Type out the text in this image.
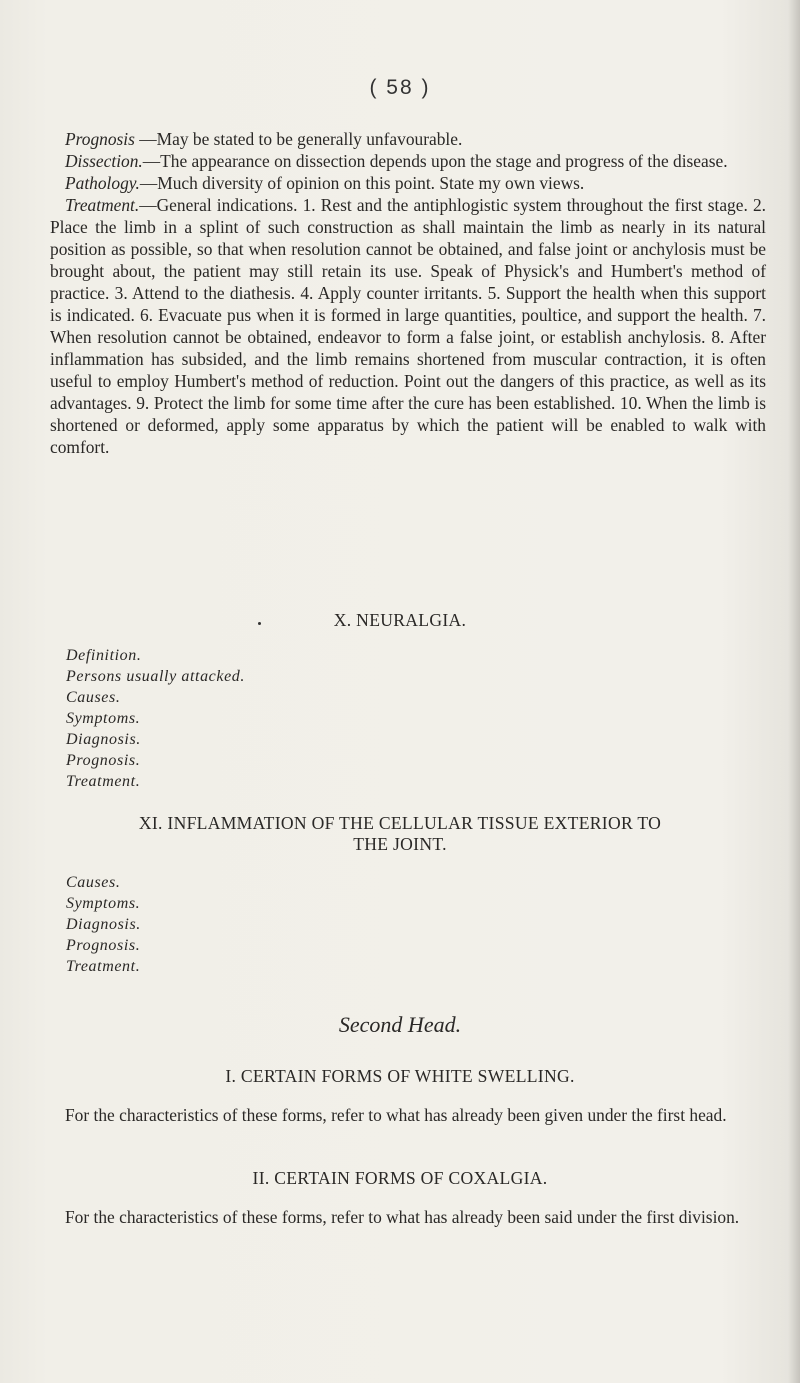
( 58 )

Prognosis —May be stated to be generally unfavourable.

Dissection.—The appearance on dissection depends upon the stage and progress of the disease.

Pathology.—Much diversity of opinion on this point. State my own views.

Treatment.—General indications. 1. Rest and the antiphlogistic system throughout the first stage. 2. Place the limb in a splint of such construction as shall maintain the limb as nearly in its natural position as possible, so that when resolution cannot be obtained, and false joint or anchylosis must be brought about, the patient may still retain its use. Speak of Physick's and Humbert's method of practice. 3. Attend to the diathesis. 4. Apply counter irritants. 5. Support the health when this support is indicated. 6. Evacuate pus when it is formed in large quantities, poultice, and support the health. 7. When resolution cannot be obtained, endeavor to form a false joint, or establish anchylosis. 8. After inflammation has subsided, and the limb remains shortened from muscular contraction, it is often useful to employ Humbert's method of reduction. Point out the dangers of this practice, as well as its advantages. 9. Protect the limb for some time after the cure has been established. 10. When the limb is shortened or deformed, apply some apparatus by which the patient will be enabled to walk with comfort.

X. NEURALGIA.
Definition.
Persons usually attacked.
Causes.
Symptoms.
Diagnosis.
Prognosis.
Treatment.
XI. INFLAMMATION OF THE CELLULAR TISSUE EXTERIOR TO
THE JOINT.
Causes.
Symptoms.
Diagnosis.
Prognosis.
Treatment.
Second Head.
I. CERTAIN FORMS OF WHITE SWELLING.

For the characteristics of these forms, refer to what has already been given under the first head.

II. CERTAIN FORMS OF COXALGIA.

For the characteristics of these forms, refer to what has already been said under the first division.
